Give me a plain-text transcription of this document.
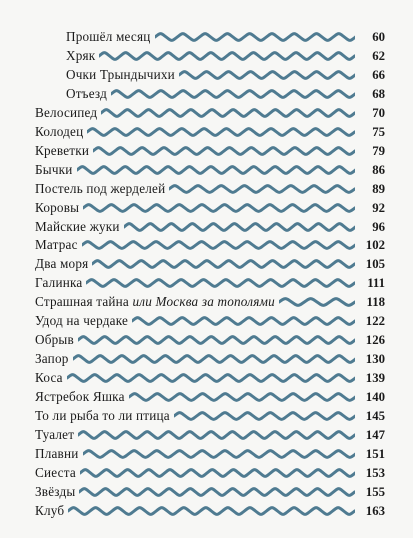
Прошёл месяц	60
Хряк	62
Очки Трындычихи	66
Отъезд	68
Велосипед	70
Колодец	75
Креветки	79
Бычки	86
Постель под жерделей	89
Коровы	92
Майские жуки	96
Матрас	102
Два моря	105
Галинка	111
Страшная тайна или Москва за тополями	118
Удод на чердаке	122
Обрыв	126
Запор	130
Коса	139
Ястребок Яшка	140
То ли рыба то ли птица	145
Туалет	147
Плавни	151
Сиеста	153
Звёзды	155
Клуб	163
